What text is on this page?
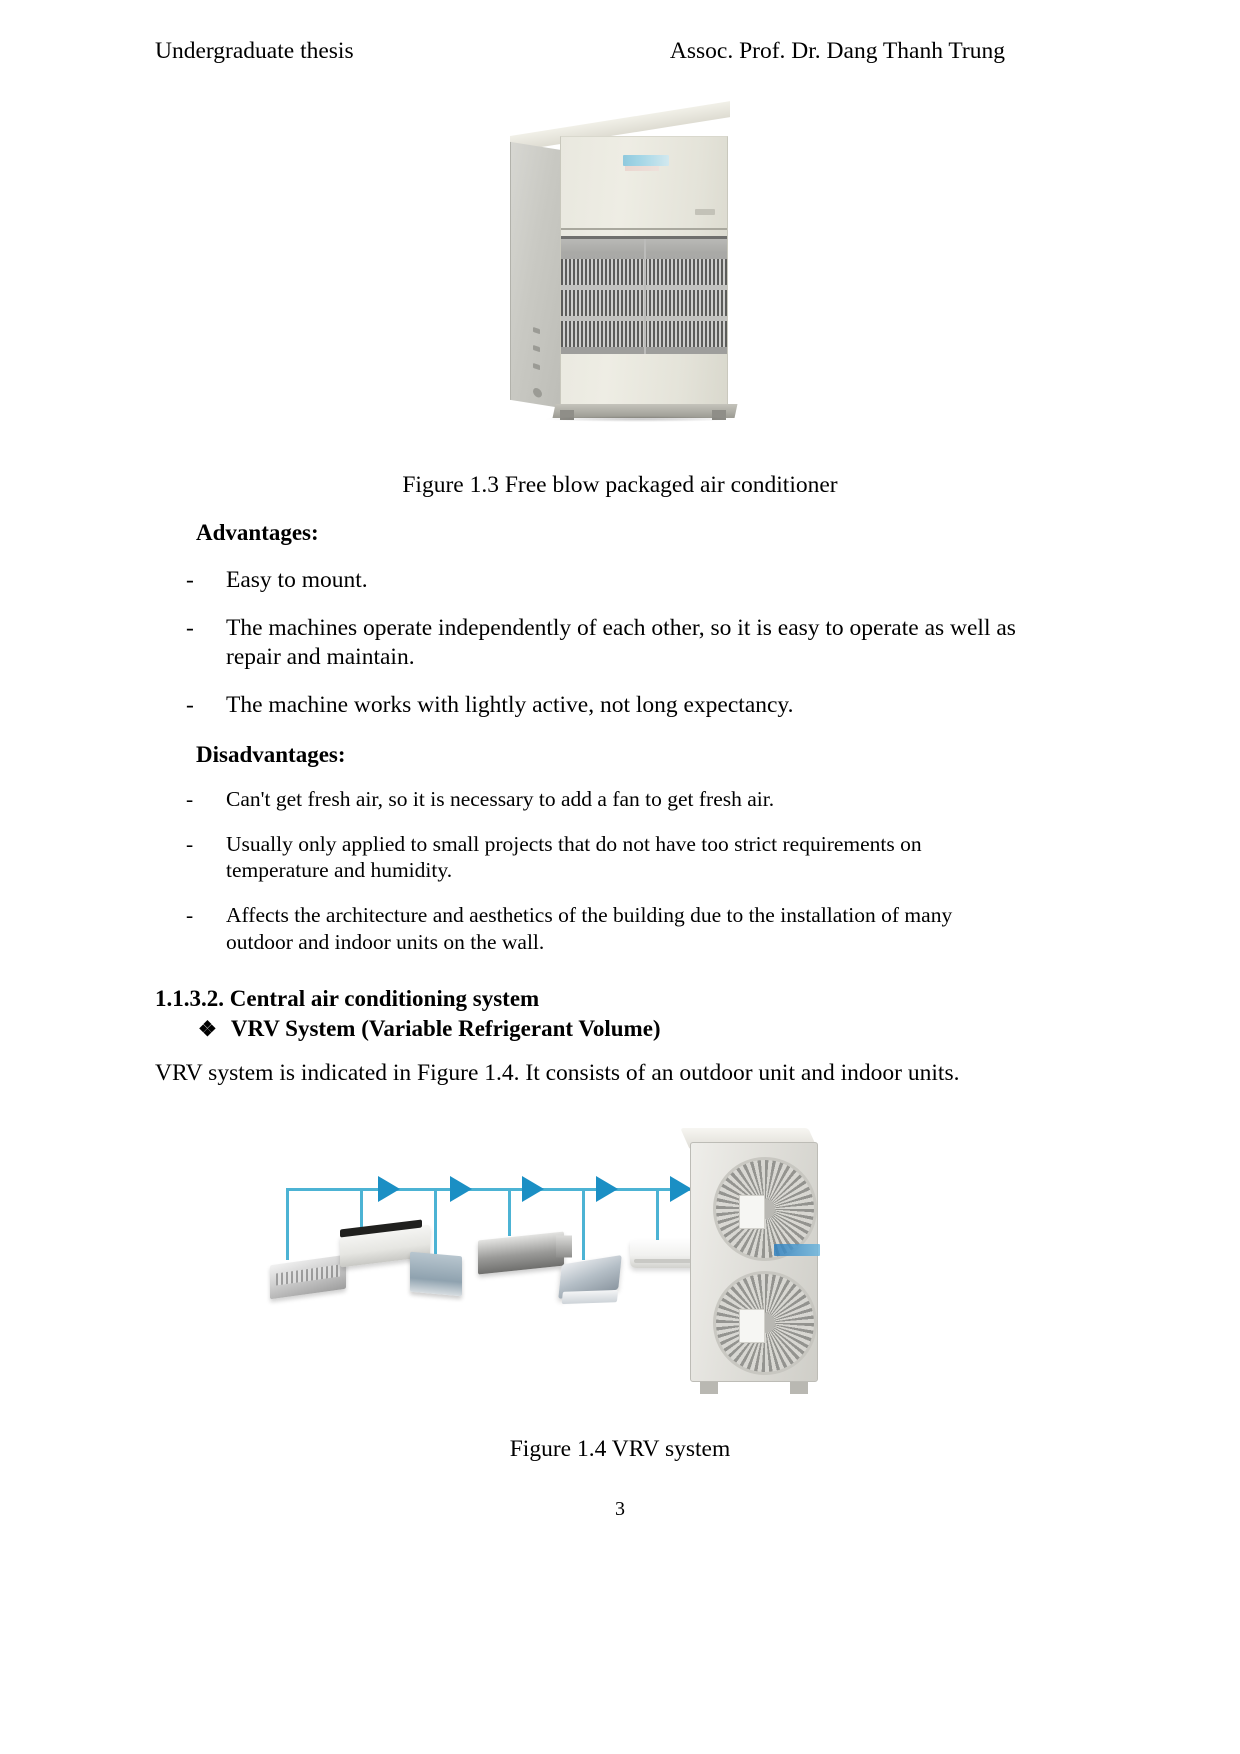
Undergraduate thesis	Assoc. Prof. Dr. Dang Thanh Trung
Figure 1.3 Free blow packaged air conditioner
Advantages:
-	Easy to mount.
-	The machines operate independently of each other, so it is easy to operate as well as repair and maintain.
-	The machine works with lightly active, not long expectancy.
Disadvantages:
-	Can't get fresh air, so it is necessary to add a fan to get fresh air.
-	Usually only applied to small projects that do not have too strict requirements on temperature and humidity.
-	Affects the architecture and aesthetics of the building due to the installation of many outdoor and indoor units on the wall.
1.1.3.2. Central air conditioning system
❖ VRV System (Variable Refrigerant Volume)
VRV system is indicated in Figure 1.4. It consists of an outdoor unit and indoor units.
Figure 1.4 VRV system
3
